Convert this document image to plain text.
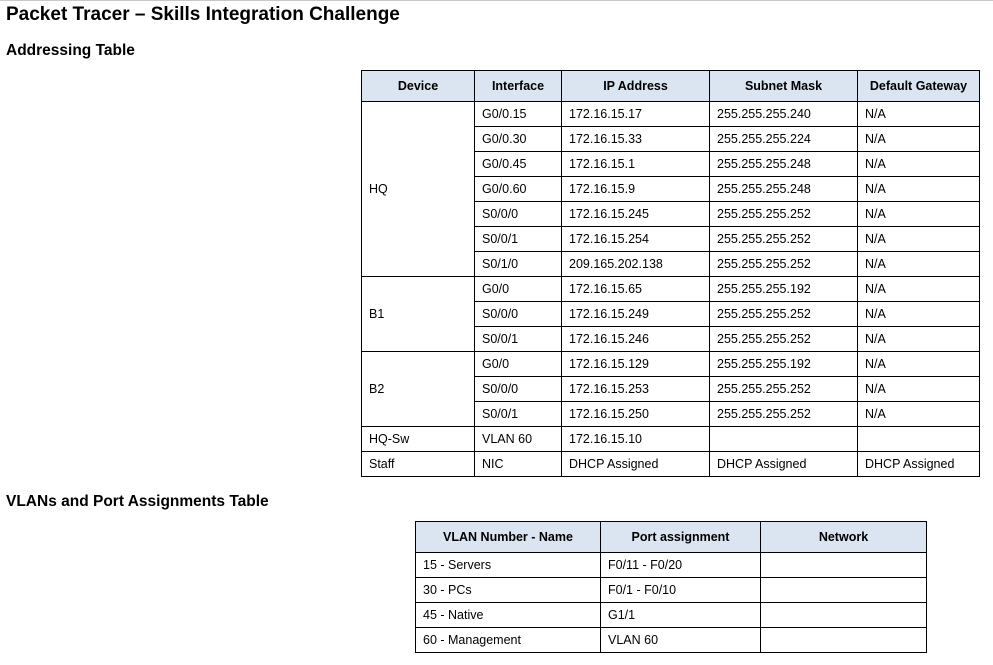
Packet Tracer – Skills Integration Challenge
Addressing Table
Device	Interface	IP Address	Subnet Mask	Default Gateway
HQ	G0/0.15	172.16.15.17	255.255.255.240	N/A
	G0/0.30	172.16.15.33	255.255.255.224	N/A
	G0/0.45	172.16.15.1	255.255.255.248	N/A
	G0/0.60	172.16.15.9	255.255.255.248	N/A
	S0/0/0	172.16.15.245	255.255.255.252	N/A
	S0/0/1	172.16.15.254	255.255.255.252	N/A
	S0/1/0	209.165.202.138	255.255.255.252	N/A
B1	G0/0	172.16.15.65	255.255.255.192	N/A
	S0/0/0	172.16.15.249	255.255.255.252	N/A
	S0/0/1	172.16.15.246	255.255.255.252	N/A
B2	G0/0	172.16.15.129	255.255.255.192	N/A
	S0/0/0	172.16.15.253	255.255.255.252	N/A
	S0/0/1	172.16.15.250	255.255.255.252	N/A
HQ-Sw	VLAN 60	172.16.15.10		
Staff	NIC	DHCP Assigned	DHCP Assigned	DHCP Assigned
VLANs and Port Assignments Table
VLAN Number - Name	Port assignment	Network
15 - Servers	F0/11 - F0/20	
30 - PCs	F0/1 - F0/10	
45 - Native	G1/1	
60 - Management	VLAN 60	
